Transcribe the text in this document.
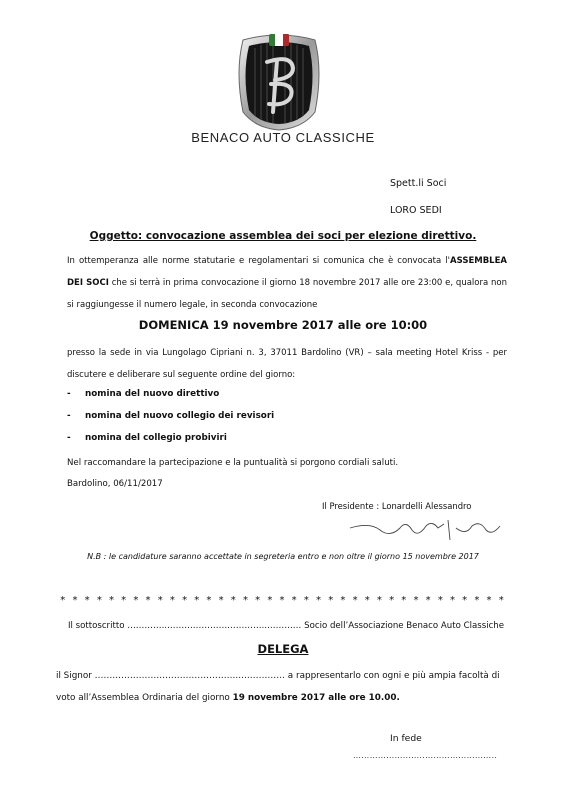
BENACO AUTO CLASSICHE
Spett.li Soci
LORO SEDI
Oggetto: convocazione assemblea dei soci per elezione direttivo.
In ottemperanza alle norme statutarie e regolamentari si comunica che è convocata l'ASSEMBLEA DEI SOCI che si terrà in prima convocazione il giorno 18 novembre 2017 alle ore 23:00 e, qualora non si raggiungesse il numero legale, in seconda convocazione
DOMENICA 19 novembre 2017 alle ore 10:00
presso la sede in via Lungolago Cipriani n. 3, 37011 Bardolino (VR) – sala meeting Hotel Kriss - per discutere e deliberare sul seguente ordine del giorno:
- nomina del nuovo direttivo
- nomina del nuovo collegio dei revisori
- nomina del collegio probiviri
Nel raccomandare la partecipazione e la puntualità si porgono cordiali saluti.
Bardolino, 06/11/2017
Il Presidente : Lonardelli Alessandro
N.B : le candidature saranno accettate in segreteria entro e non oltre il giorno 15 novembre 2017
* * * * * * * * * * * * * * * * * * * * * * * * * * * * * * * * * * * * *
Il sottoscritto …………..……………………………..………… Socio dell’Associazione Benaco Auto Classiche
DELEGA
il Signor …………………………………………..…………… a rappresentarlo con ogni e più ampia facoltà di voto all’Assemblea Ordinaria del giorno 19 novembre 2017 alle ore 10.00.
In fede
……………………..……………………..
